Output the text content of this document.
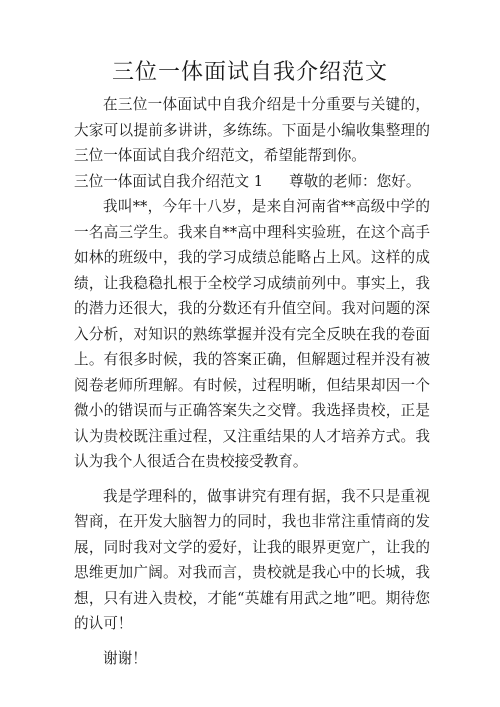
三位一体面试自我介绍范文

在三位一体面试中自我介绍是十分重要与关键的，大家可以提前多讲讲，多练练。下面是小编收集整理的三位一体面试自我介绍范文，希望能帮到你。

三位一体面试自我介绍范文 1 尊敬的老师：您好。

我叫**，今年十八岁，是来自河南省**高级中学的一名高三学生。我来自**高中理科实验班，在这个高手如林的班级中，我的学习成绩总能略占上风。这样的成绩，让我稳稳扎根于全校学习成绩前列中。事实上，我的潜力还很大，我的分数还有升值空间。我对问题的深入分析，对知识的熟练掌握并没有完全反映在我的卷面上。有很多时候，我的答案正确，但解题过程并没有被阅卷老师所理解。有时候，过程明晰，但结果却因一个微小的错误而与正确答案失之交臂。我选择贵校，正是认为贵校既注重过程，又注重结果的人才培养方式。我认为我个人很适合在贵校接受教育。

我是学理科的，做事讲究有理有据，我不只是重视智商，在开发大脑智力的同时，我也非常注重情商的发展，同时我对文学的爱好，让我的眼界更宽广，让我的思维更加广阔。对我而言，贵校就是我心中的长城，我想，只有进入贵校，才能“英雄有用武之地”吧。期待您的认可！

谢谢！
